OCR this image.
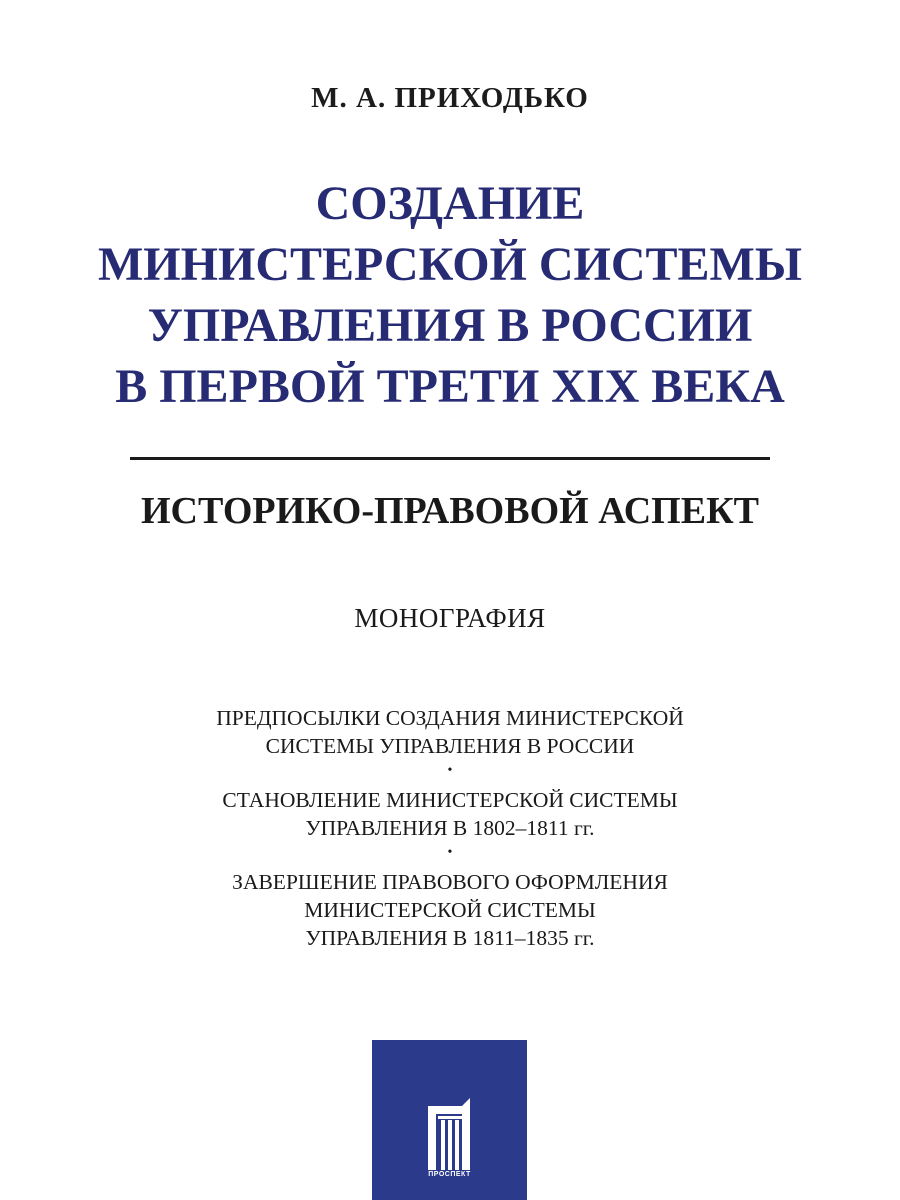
М. А. ПРИХОДЬКО
СОЗДАНИЕ
МИНИСТЕРСКОЙ СИСТЕМЫ
УПРАВЛЕНИЯ В РОССИИ
В ПЕРВОЙ ТРЕТИ XIX ВЕКА
ИСТОРИКО-ПРАВОВОЙ АСПЕКТ
МОНОГРАФИЯ
ПРЕДПОСЫЛКИ СОЗДАНИЯ МИНИСТЕРСКОЙ
СИСТЕМЫ УПРАВЛЕНИЯ В РОССИИ
•
СТАНОВЛЕНИЕ МИНИСТЕРСКОЙ СИСТЕМЫ
УПРАВЛЕНИЯ В 1802–1811 гг.
•
ЗАВЕРШЕНИЕ ПРАВОВОГО ОФОРМЛЕНИЯ
МИНИСТЕРСКОЙ СИСТЕМЫ
УПРАВЛЕНИЯ В 1811–1835 гг.
ПРОСПЕКТ
